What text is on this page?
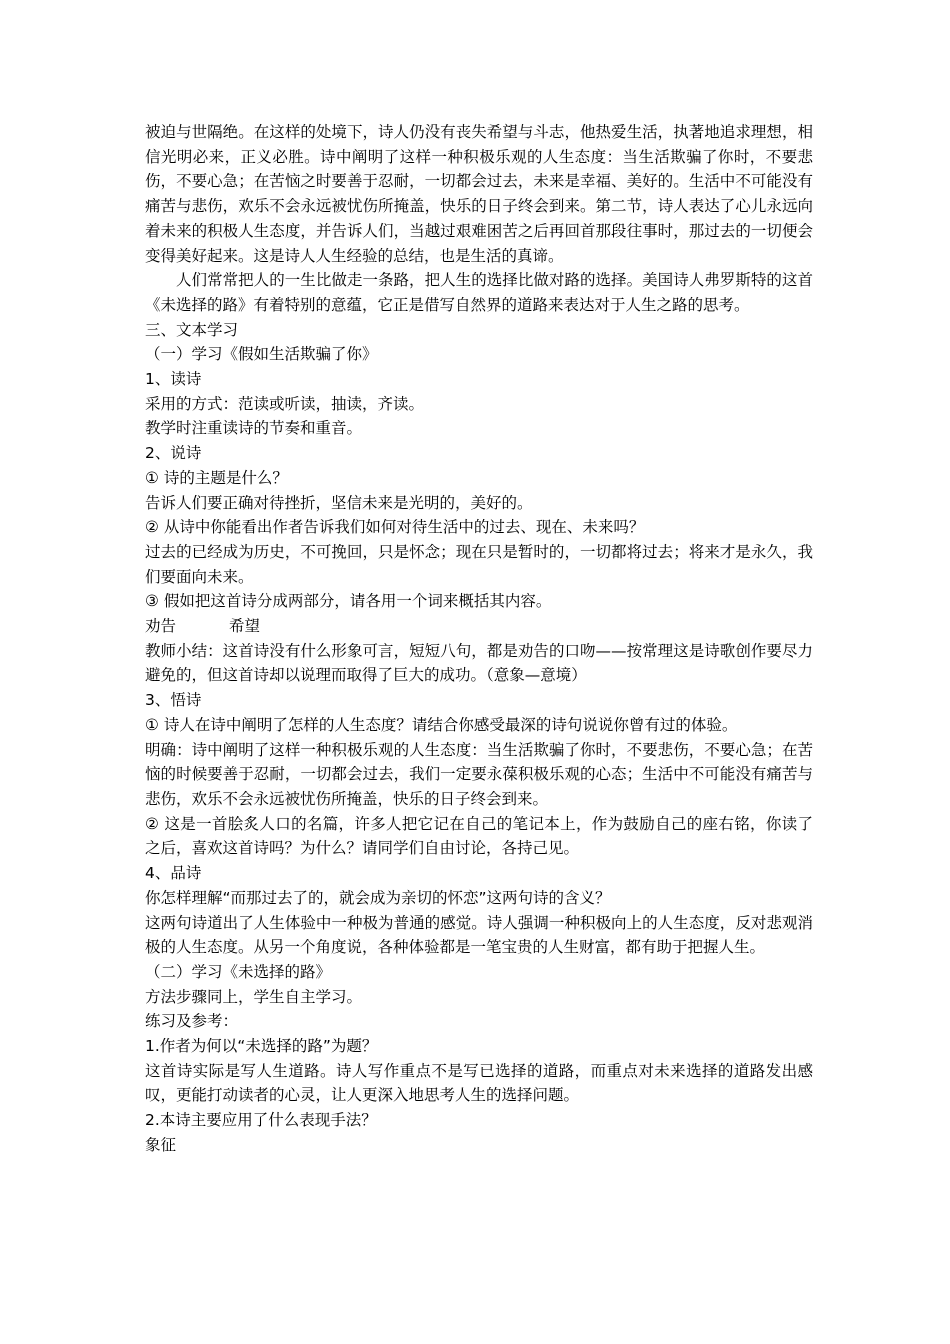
被迫与世隔绝。在这样的处境下，诗人仍没有丧失希望与斗志，他热爱生活，执著地追求理想，相信光明必来，正义必胜。诗中阐明了这样一种积极乐观的人生态度：当生活欺骗了你时，不要悲伤，不要心急；在苦恼之时要善于忍耐，一切都会过去，未来是幸福、美好的。生活中不可能没有痛苦与悲伤，欢乐不会永远被忧伤所掩盖，快乐的日子终会到来。第二节，诗人表达了心儿永远向着未来的积极人生态度，并告诉人们，当越过艰难困苦之后再回首那段往事时，那过去的一切便会变得美好起来。这是诗人人生经验的总结，也是生活的真谛。

人们常常把人的一生比做走一条路，把人生的选择比做对路的选择。美国诗人弗罗斯特的这首《未选择的路》有着特别的意蕴，它正是借写自然界的道路来表达对于人生之路的思考。

三、文本学习

（一）学习《假如生活欺骗了你》

1、读诗

采用的方式：范读或听读，抽读，齐读。

教学时注重读诗的节奏和重音。

2、说诗

① 诗的主题是什么？

告诉人们要正确对待挫折，坚信未来是光明的，美好的。

② 从诗中你能看出作者告诉我们如何对待生活中的过去、现在、未来吗？

过去的已经成为历史，不可挽回，只是怀念；现在只是暂时的，一切都将过去；将来才是永久，我们要面向未来。

③ 假如把这首诗分成两部分，请各用一个词来概括其内容。

劝告	希望

教师小结：这首诗没有什么形象可言，短短八句，都是劝告的口吻——按常理这是诗歌创作要尽力避免的，但这首诗却以说理而取得了巨大的成功。（意象—意境）

3、悟诗

① 诗人在诗中阐明了怎样的人生态度？请结合你感受最深的诗句说说你曾有过的体验。

明确：诗中阐明了这样一种积极乐观的人生态度：当生活欺骗了你时，不要悲伤，不要心急；在苦恼的时候要善于忍耐，一切都会过去，我们一定要永葆积极乐观的心态；生活中不可能没有痛苦与悲伤，欢乐不会永远被忧伤所掩盖，快乐的日子终会到来。

② 这是一首脍炙人口的名篇，许多人把它记在自己的笔记本上，作为鼓励自己的座右铭，你读了之后，喜欢这首诗吗？为什么？请同学们自由讨论，各持己见。

4、品诗

你怎样理解“而那过去了的，就会成为亲切的怀恋”这两句诗的含义？

这两句诗道出了人生体验中一种极为普通的感觉。诗人强调一种积极向上的人生态度，反对悲观消极的人生态度。从另一个角度说，各种体验都是一笔宝贵的人生财富，都有助于把握人生。

（二）学习《未选择的路》

方法步骤同上，学生自主学习。

练习及参考：

1.作者为何以“未选择的路”为题？

这首诗实际是写人生道路。诗人写作重点不是写已选择的道路，而重点对未来选择的道路发出感叹，更能打动读者的心灵，让人更深入地思考人生的选择问题。

2.本诗主要应用了什么表现手法？

象征
